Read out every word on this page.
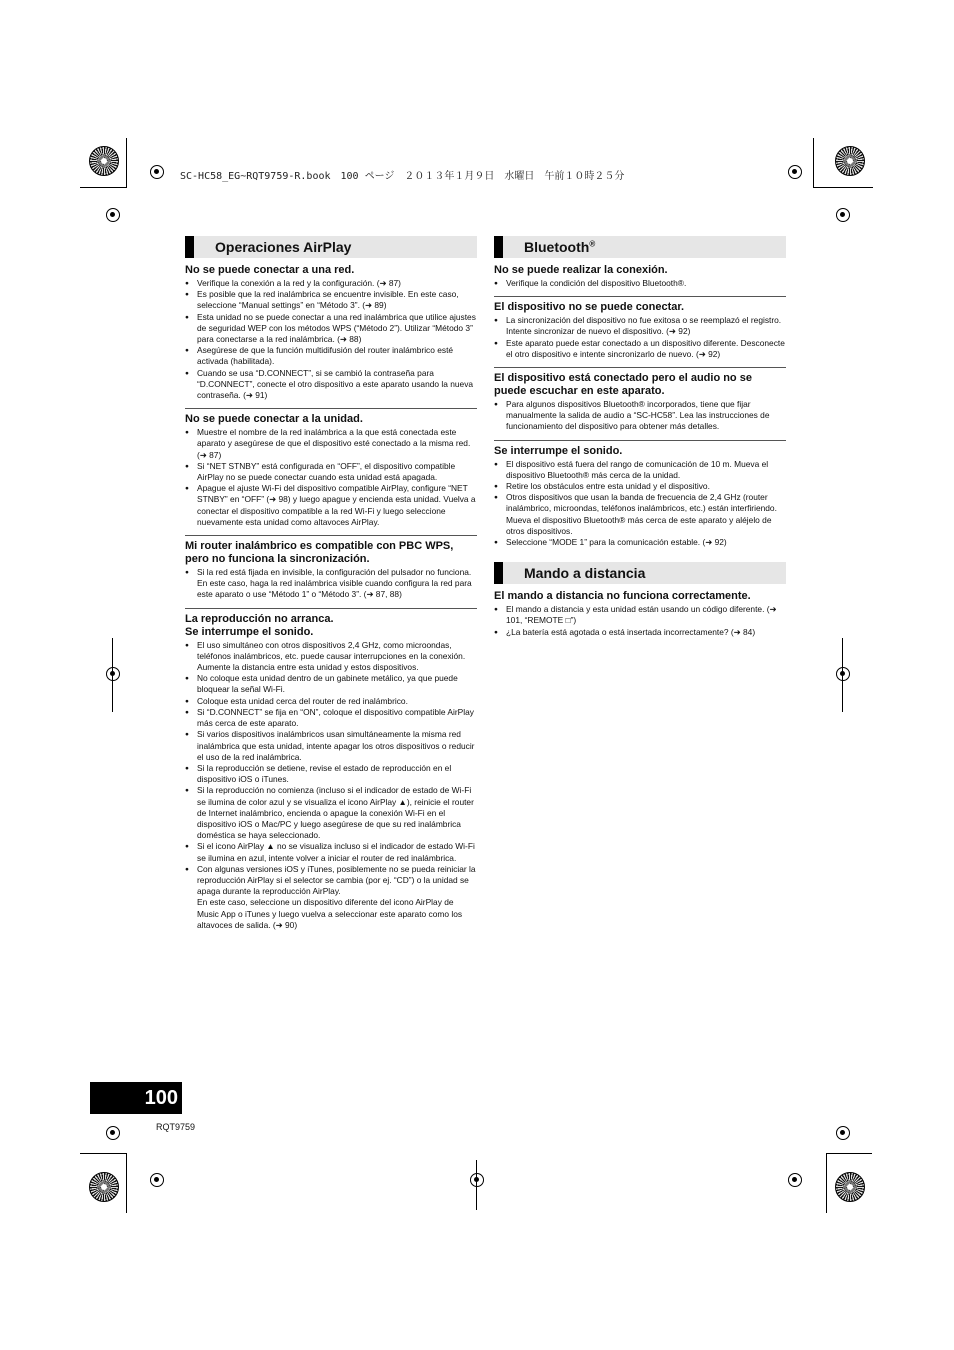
SC-HC58_EG~RQT9759-R.book　100 ページ　２０１３年１月９日　水曜日　午前１０時２５分
Operaciones AirPlay
No se puede conectar a una red.
● Verifique la conexión a la red y la configuración. (➜ 87)
● Es posible que la red inalámbrica se encuentre invisible. En este caso, seleccione “Manual settings” en “Método 3”. (➜ 89)
● Esta unidad no se puede conectar a una red inalámbrica que utilice ajustes de seguridad WEP con los métodos WPS (“Método 2”). Utilizar “Método 3” para conectarse a la red inalámbrica. (➜ 88)
● Asegúrese de que la función multidifusión del router inalámbrico esté activada (habilitada).
● Cuando se usa “D.CONNECT”, si se cambió la contraseña para “D.CONNECT”, conecte el otro dispositivo a este aparato usando la nueva contraseña. (➜ 91)
No se puede conectar a la unidad.
● Muestre el nombre de la red inalámbrica a la que está conectada este aparato y asegúrese de que el dispositivo esté conectado a la misma red. (➜ 87)
● Si “NET STNBY” está configurada en “OFF”, el dispositivo compatible AirPlay no se puede conectar cuando esta unidad está apagada.
● Apague el ajuste Wi-Fi del dispositivo compatible AirPlay, configure “NET STNBY” en “OFF” (➜ 98) y luego apague y encienda esta unidad. Vuelva a conectar el dispositivo compatible a la red Wi-Fi y luego seleccione nuevamente esta unidad como altavoces AirPlay.
Mi router inalámbrico es compatible con PBC WPS, pero no funciona la sincronización.
● Si la red está fijada en invisible, la configuración del pulsador no funciona. En este caso, haga la red inalámbrica visible cuando configura la red para este aparato o use “Método 1” o “Método 3”. (➜ 87, 88)
La reproducción no arranca.
Se interrumpe el sonido.
● El uso simultáneo con otros dispositivos 2,4 GHz, como microondas, teléfonos inalámbricos, etc. puede causar interrupciones en la conexión.
Aumente la distancia entre esta unidad y estos dispositivos.
● No coloque esta unidad dentro de un gabinete metálico, ya que puede bloquear la señal Wi-Fi.
● Coloque esta unidad cerca del router de red inalámbrico.
● Si “D.CONNECT” se fija en “ON”, coloque el dispositivo compatible AirPlay más cerca de este aparato.
● Si varios dispositivos inalámbricos usan simultáneamente la misma red inalámbrica que esta unidad, intente apagar los otros dispositivos o reducir el uso de la red inalámbrica.
● Si la reproducción se detiene, revise el estado de reproducción en el dispositivo iOS o iTunes.
● Si la reproducción no comienza (incluso si el indicador de estado de Wi-Fi se ilumina de color azul y se visualiza el icono AirPlay ▲), reinicie el router de Internet inalámbrico, encienda o apague la conexión Wi-Fi en el dispositivo iOS o Mac/PC y luego asegúrese de que su red inalámbrica doméstica se haya seleccionado.
● Si el icono AirPlay ▲ no se visualiza incluso si el indicador de estado Wi-Fi se ilumina en azul, intente volver a iniciar el router de red inalámbrica.
● Con algunas versiones iOS y iTunes, posiblemente no se pueda reiniciar la reproducción AirPlay si el selector se cambia (por ej. “CD”) o la unidad se apaga durante la reproducción AirPlay.
En este caso, seleccione un dispositivo diferente del icono AirPlay de Music App o iTunes y luego vuelva a seleccionar este aparato como los altavoces de salida. (➜ 90)
Bluetooth®
No se puede realizar la conexión.
● Verifique la condición del dispositivo Bluetooth®.
El dispositivo no se puede conectar.
● La sincronización del dispositivo no fue exitosa o se reemplazó el registro. Intente sincronizar de nuevo el dispositivo. (➜ 92)
● Este aparato puede estar conectado a un dispositivo diferente. Desconecte el otro dispositivo e intente sincronizarlo de nuevo. (➜ 92)
El dispositivo está conectado pero el audio no se puede escuchar en este aparato.
● Para algunos dispositivos Bluetooth® incorporados, tiene que fijar manualmente la salida de audio a “SC-HC58”. Lea las instrucciones de funcionamiento del dispositivo para obtener más detalles.
Se interrumpe el sonido.
● El dispositivo está fuera del rango de comunicación de 10 m. Mueva el dispositivo Bluetooth® más cerca de la unidad.
● Retire los obstáculos entre esta unidad y el dispositivo.
● Otros dispositivos que usan la banda de frecuencia de 2,4 GHz (router inalámbrico, microondas, teléfonos inalámbricos, etc.) están interfiriendo. Mueva el dispositivo Bluetooth® más cerca de este aparato y aléjelo de otros dispositivos.
● Seleccione “MODE 1” para la comunicación estable. (➜ 92)
Mando a distancia
El mando a distancia no funciona correctamente.
● El mando a distancia y esta unidad están usando un código diferente. (➜ 101, “REMOTE □”)
● ¿La batería está agotada o está insertada incorrectamente? (➜ 84)
100
RQT9759
